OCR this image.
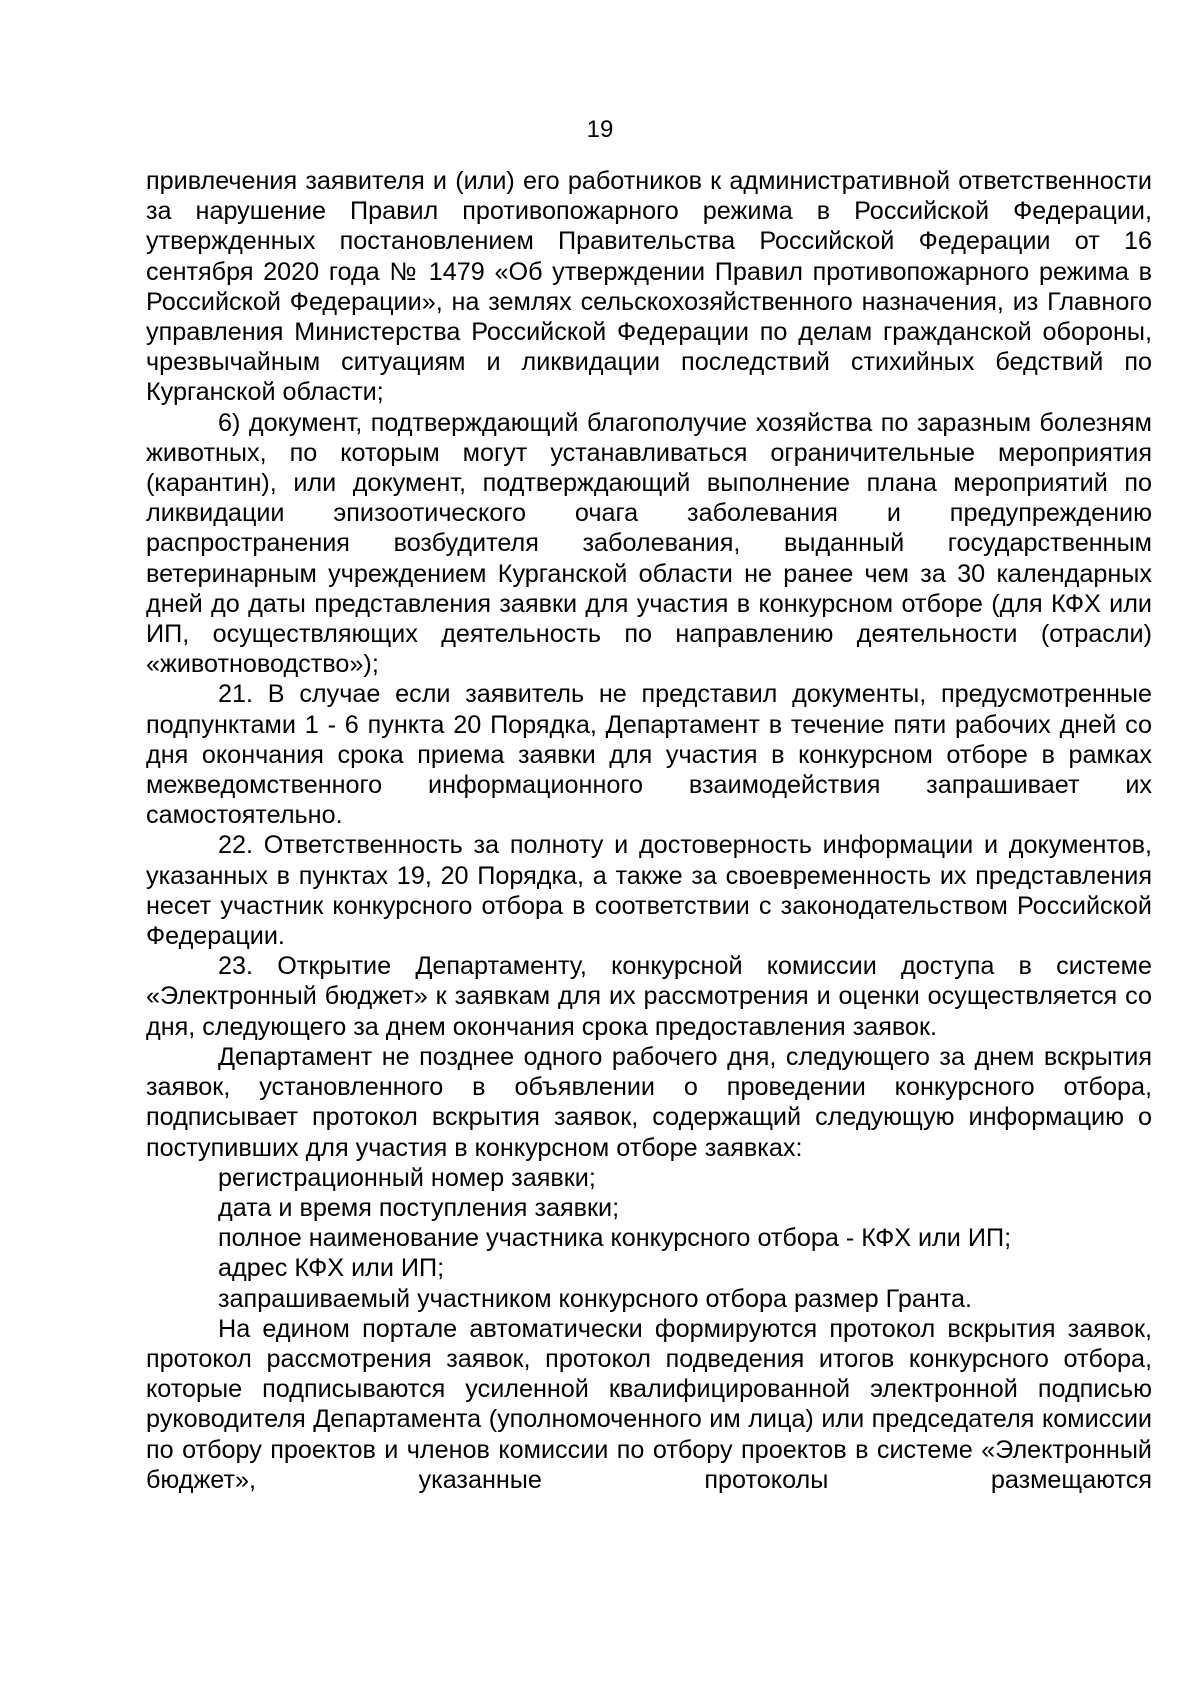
19

привлечения заявителя и (или) его работников к административной ответственности за нарушение Правил противопожарного режима в Российской Федерации, утвержденных постановлением Правительства Российской Федерации от 16 сентября 2020 года № 1479 «Об утверждении Правил противопожарного режима в Российской Федерации», на землях сельскохозяйственного назначения, из Главного управления Министерства Российской Федерации по делам гражданской обороны, чрезвычайным ситуациям и ликвидации последствий стихийных бедствий по Курганской области;

6) документ, подтверждающий благополучие хозяйства по заразным болезням животных, по которым могут устанавливаться ограничительные мероприятия (карантин), или документ, подтверждающий выполнение плана мероприятий по ликвидации эпизоотического очага заболевания и предупреждению распространения возбудителя заболевания, выданный государственным ветеринарным учреждением Курганской области не ранее чем за 30 календарных дней до даты представления заявки для участия в конкурсном отборе (для КФХ или ИП, осуществляющих деятельность по направлению деятельности (отрасли) «животноводство»);

21. В случае если заявитель не представил документы, предусмотренные подпунктами 1 - 6 пункта 20 Порядка, Департамент в течение пяти рабочих дней со дня окончания срока приема заявки для участия в конкурсном отборе в рамках межведомственного информационного взаимодействия запрашивает их самостоятельно.

22. Ответственность за полноту и достоверность информации и документов, указанных в пунктах 19, 20 Порядка, а также за своевременность их представления несет участник конкурсного отбора в соответствии с законодательством Российской Федерации.

23. Открытие Департаменту, конкурсной комиссии доступа в системе «Электронный бюджет» к заявкам для их рассмотрения и оценки осуществляется со дня, следующего за днем окончания срока предоставления заявок.

Департамент не позднее одного рабочего дня, следующего за днем вскрытия заявок, установленного в объявлении о проведении конкурсного отбора, подписывает протокол вскрытия заявок, содержащий следующую информацию о поступивших для участия в конкурсном отборе заявках:

регистрационный номер заявки;

дата и время поступления заявки;

полное наименование участника конкурсного отбора - КФХ или ИП;

адрес КФХ или ИП;

запрашиваемый участником конкурсного отбора размер Гранта.

На едином портале автоматически формируются протокол вскрытия заявок, протокол рассмотрения заявок, протокол подведения итогов конкурсного отбора, которые подписываются усиленной квалифицированной электронной подписью руководителя Департамента (уполномоченного им лица) или председателя комиссии по отбору проектов и членов комиссии по отбору проектов в системе «Электронный бюджет», указанные протоколы размещаются
